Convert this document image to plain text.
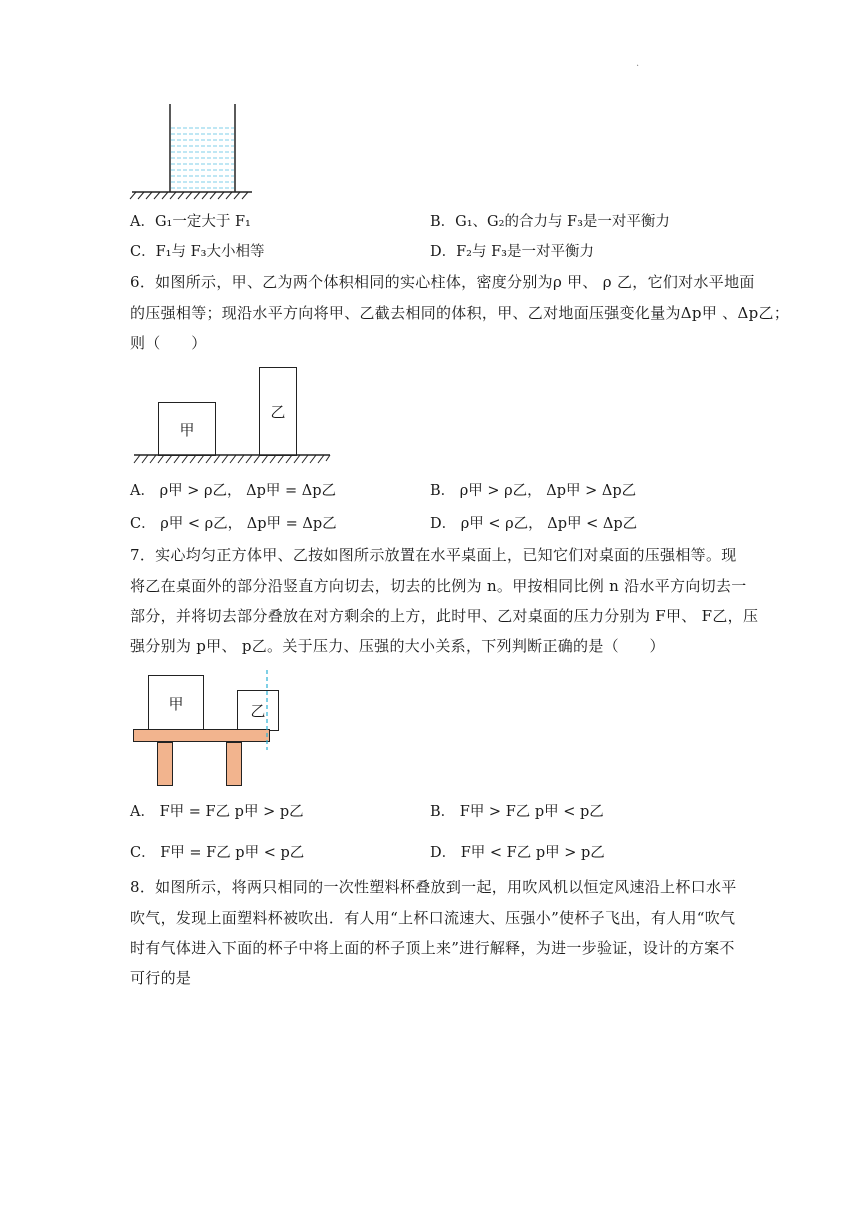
.
A．G₁一定大于 F₁	B．G₁、G₂的合力与 F₃是一对平衡力
C．F₁与 F₃大小相等	D．F₂与 F₃是一对平衡力
6．如图所示，甲、乙为两个体积相同的实心柱体，密度分别为ρ 甲、 ρ 乙，它们对水平地面
的压强相等；现沿水平方向将甲、乙截去相同的体积，甲、乙对地面压强变化量为Δp甲 、Δp乙；
则（　　）
甲
乙
A． ρ甲 > ρ乙， Δp甲 = Δp乙	B． ρ甲 > ρ乙， Δp甲 > Δp乙
C． ρ甲 < ρ乙， Δp甲 = Δp乙	D． ρ甲 < ρ乙， Δp甲 < Δp乙
7．实心均匀正方体甲、乙按如图所示放置在水平桌面上，已知它们对桌面的压强相等。现
将乙在桌面外的部分沿竖直方向切去，切去的比例为 n。甲按相同比例 n 沿水平方向切去一
部分，并将切去部分叠放在对方剩余的上方，此时甲、乙对桌面的压力分别为 F甲、 F乙，压
强分别为 p甲、 p乙。关于压力、压强的大小关系，下列判断正确的是（　　）
甲	乙
A． F甲 = F乙 p甲 > p乙	B． F甲 > F乙 p甲 < p乙
C． F甲 = F乙 p甲 < p乙	D． F甲 < F乙 p甲 > p乙
8．如图所示，将两只相同的一次性塑料杯叠放到一起，用吹风机以恒定风速沿上杯口水平
吹气，发现上面塑料杯被吹出．有人用“上杯口流速大、压强小”使杯子飞出，有人用“吹气
时有气体进入下面的杯子中将上面的杯子顶上来”进行解释，为进一步验证，设计的方案不
可行的是
